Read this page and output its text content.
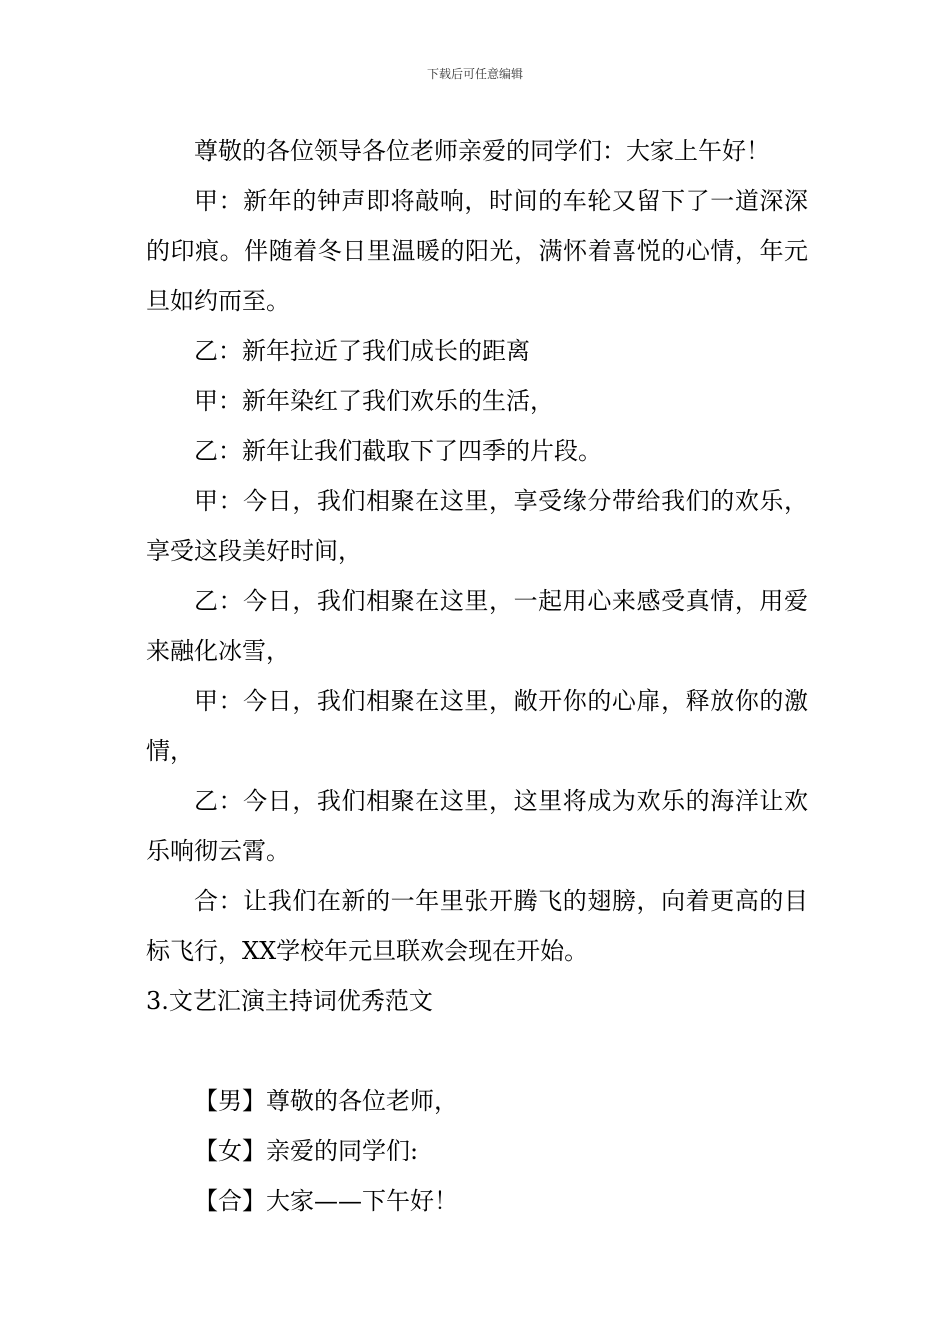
下载后可任意编辑

尊敬的各位领导各位老师亲爱的同学们：大家上午好！

甲：新年的钟声即将敲响，时间的车轮又留下了一道深深的印痕。伴随着冬日里温暖的阳光，满怀着喜悦的心情，年元旦如约而至。

乙：新年拉近了我们成长的距离

甲：新年染红了我们欢乐的生活，

乙：新年让我们截取下了四季的片段。

甲：今日，我们相聚在这里，享受缘分带给我们的欢乐，享受这段美好时间，

乙：今日，我们相聚在这里，一起用心来感受真情，用爱来融化冰雪，

甲：今日，我们相聚在这里，敞开你的心扉，释放你的激情，

乙：今日，我们相聚在这里，这里将成为欢乐的海洋让欢乐响彻云霄。

合：让我们在新的一年里张开腾飞的翅膀，向着更高的目标飞行，XX学校年元旦联欢会现在开始。

3.文艺汇演主持词优秀范文

【男】尊敬的各位老师，

【女】亲爱的同学们:

【合】大家——下午好！
